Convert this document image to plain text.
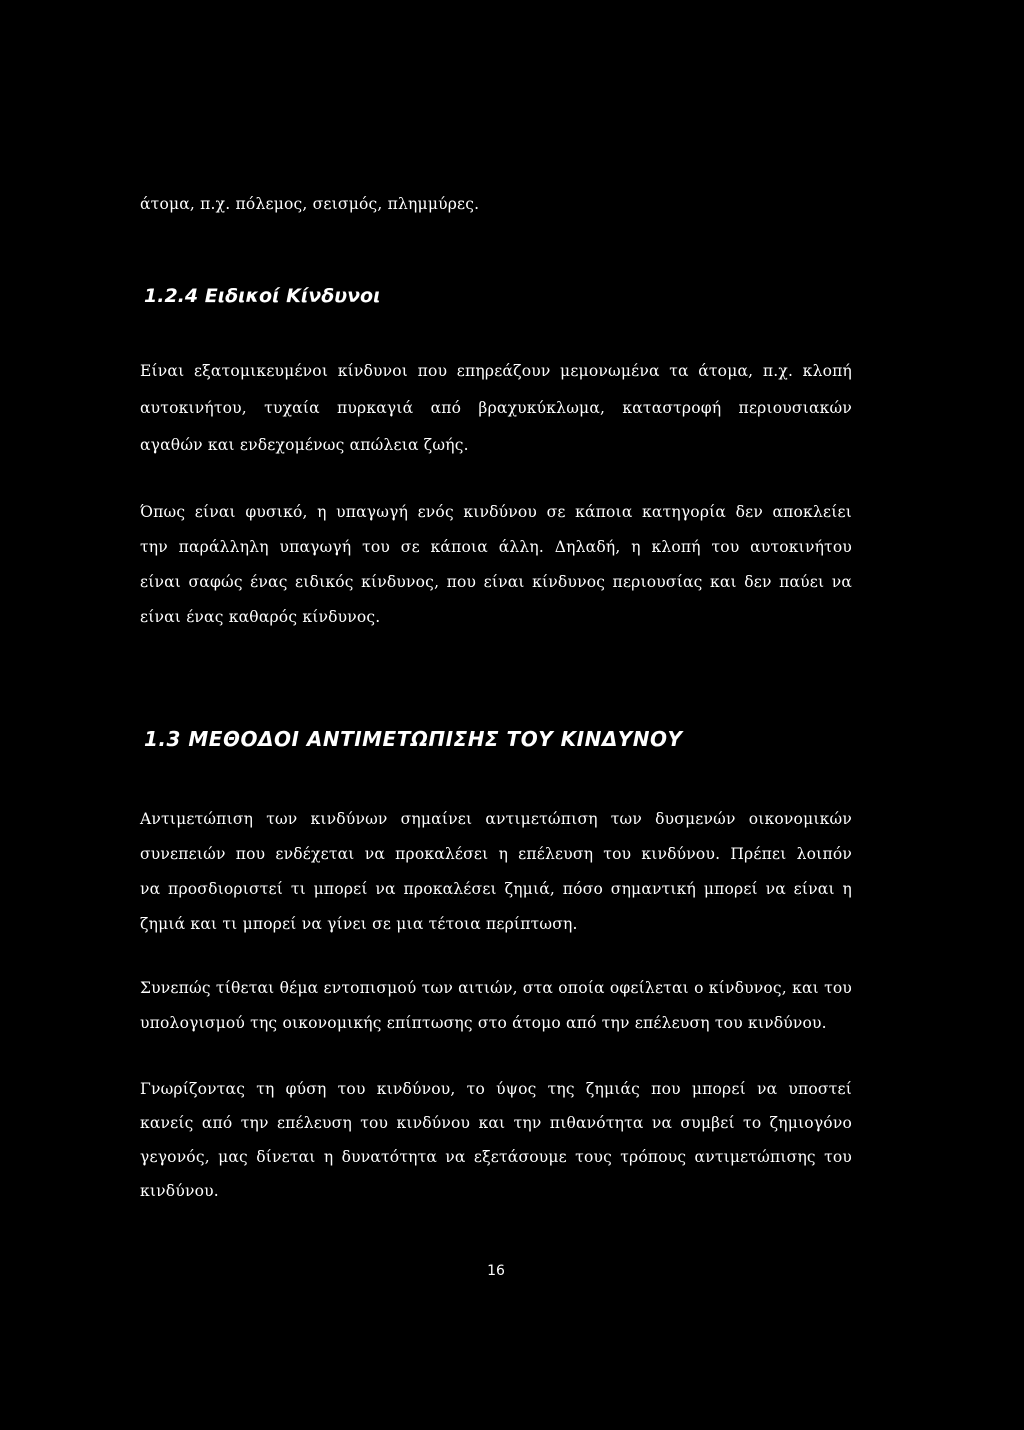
άτομα, π.χ. πόλεμος, σεισμός, πλημμύρες.
1.2.4 Ειδικοί Κίνδυνοι
Είναι εξατομικευμένοι κίνδυνοι που επηρεάζουν μεμονωμένα τα άτομα, π.χ. κλοπή
αυτοκινήτου, τυχαία πυρκαγιά από βραχυκύκλωμα, καταστροφή περιουσιακών
αγαθών και ενδεχομένως απώλεια ζωής.
Όπως είναι φυσικό, η υπαγωγή ενός κινδύνου σε κάποια κατηγορία δεν αποκλείει
την παράλληλη υπαγωγή του σε κάποια άλλη. Δηλαδή, η κλοπή του αυτοκινήτου
είναι σαφώς ένας ειδικός κίνδυνος, που είναι κίνδυνος περιουσίας και δεν παύει να
είναι ένας καθαρός κίνδυνος.
1.3 ΜΕΘΟΔΟΙ ΑΝΤΙΜΕΤΩΠΙΣΗΣ ΤΟΥ ΚΙΝΔΥΝΟΥ
Αντιμετώπιση των κινδύνων σημαίνει αντιμετώπιση των δυσμενών οικονομικών
συνεπειών που ενδέχεται να προκαλέσει η επέλευση του κινδύνου. Πρέπει λοιπόν
να προσδιοριστεί τι μπορεί να προκαλέσει ζημιά, πόσο σημαντική μπορεί να είναι η
ζημιά και τι μπορεί να γίνει σε μια τέτοια περίπτωση.
Συνεπώς τίθεται θέμα εντοπισμού των αιτιών, στα οποία οφείλεται ο κίνδυνος, και του
υπολογισμού της οικονομικής επίπτωσης στο άτομο από την επέλευση του κινδύνου.
Γνωρίζοντας τη φύση του κινδύνου, το ύψος της ζημιάς που μπορεί να υποστεί
κανείς από την επέλευση του κινδύνου και την πιθανότητα να συμβεί το ζημιογόνο
γεγονός, μας δίνεται η δυνατότητα να εξετάσουμε τους τρόπους αντιμετώπισης του
κινδύνου.
16
